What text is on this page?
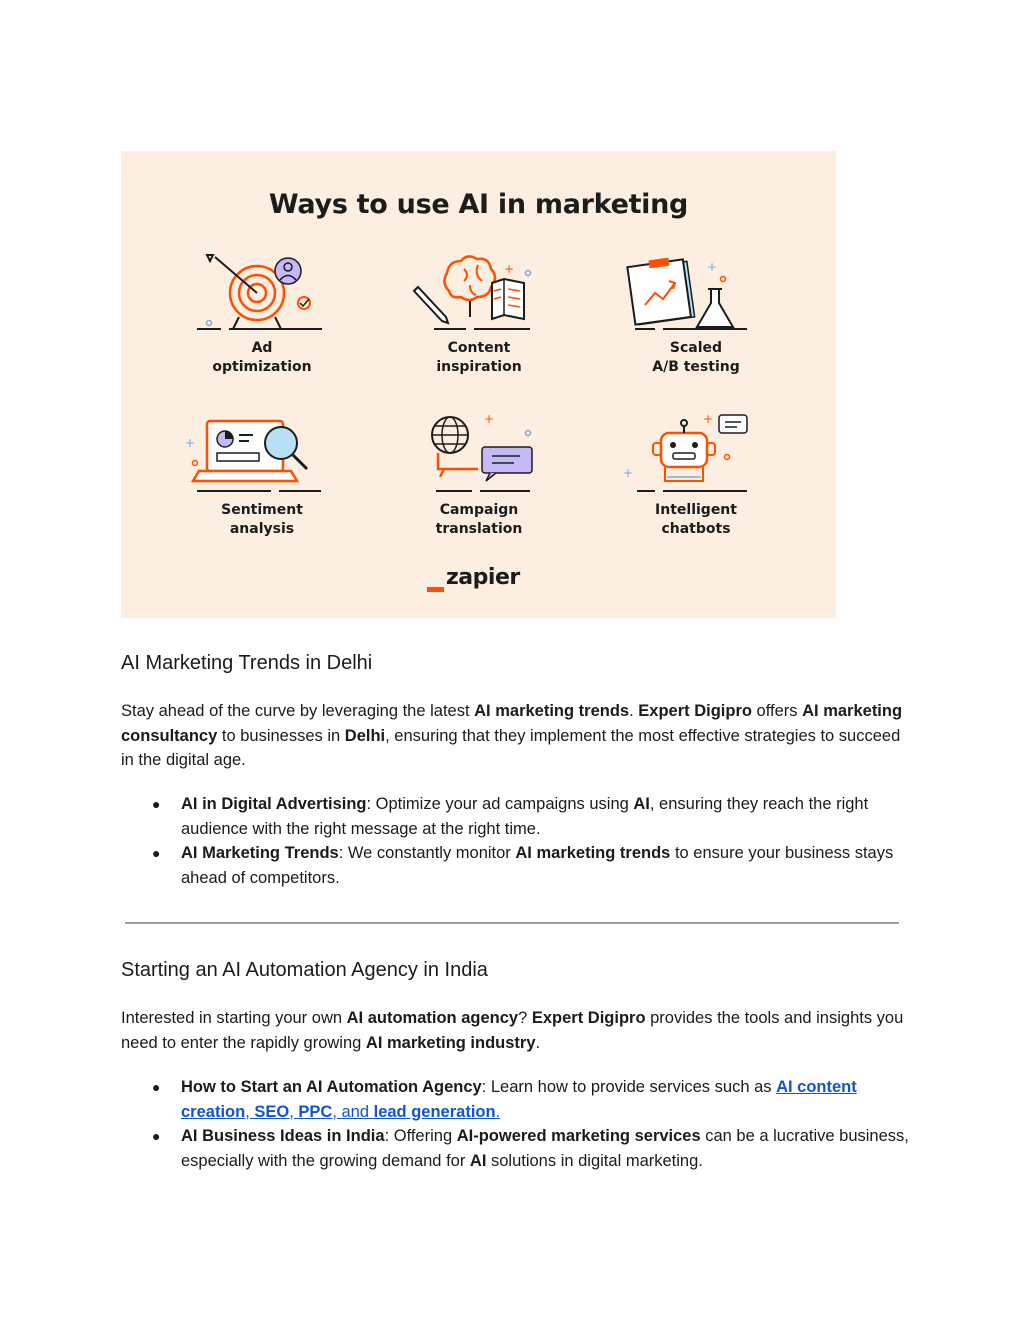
Ways to use AI in marketing
Ad
optimization
+
Content
inspiration
+
Scaled
A/B testing
+
Sentiment
analysis
+
Campaign
translation
+
+
Intelligent
chatbots
zapier
AI Marketing Trends in Delhi

Stay ahead of the curve by leveraging the latest AI marketing trends. Expert Digipro offers AI marketing consultancy to businesses in Delhi, ensuring that they implement the most effective strategies to succeed in the digital age.

● AI in Digital Advertising: Optimize your ad campaigns using AI, ensuring they reach the right audience with the right message at the right time.
● AI Marketing Trends: We constantly monitor AI marketing trends to ensure your business stays ahead of competitors.
Starting an AI Automation Agency in India

Interested in starting your own AI automation agency? Expert Digipro provides the tools and insights you need to enter the rapidly growing AI marketing industry.

● How to Start an AI Automation Agency: Learn how to provide services such as AI content creation, SEO, PPC, and lead generation.
● AI Business Ideas in India: Offering AI-powered marketing services can be a lucrative business, especially with the growing demand for AI solutions in digital marketing.
